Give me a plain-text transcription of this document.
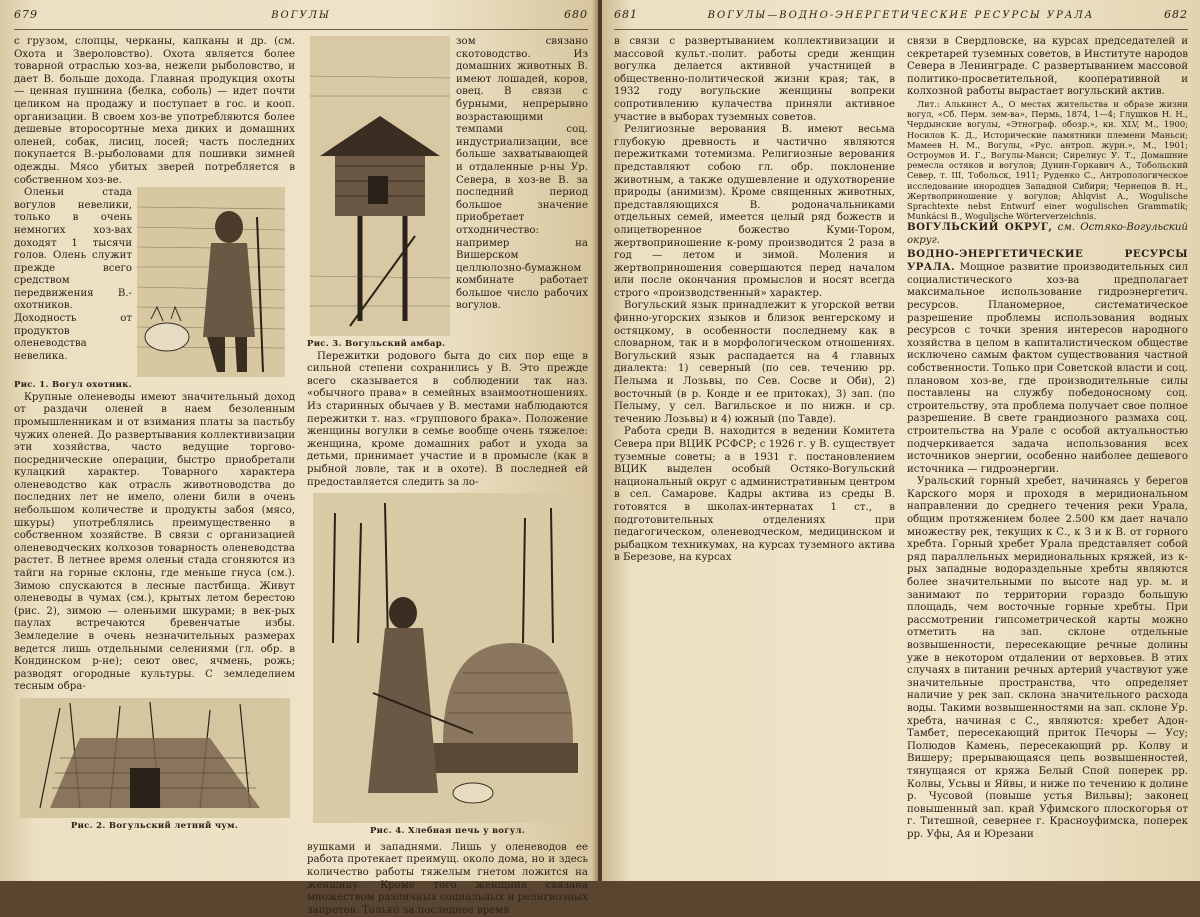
679	ВОГУЛЫ	680

с грузом, слопцы, черканы, капканы и др. (см. Охота и Звероловство). Охота является более товарной отраслью хоз-ва, нежели рыболовство, и дает В. больше дохода. Главная продукция охоты — ценная пушнина (белка, соболь) — идет почти целиком на продажу и поступает в гос. и кооп. организации. В своем хоз-ве употребляются более дешевые второсортные меха диких и домашних оленей, собак, лисиц, лосей; часть последних покупается В.-рыболовами для пошивки зимней одежды. Мясо убитых зверей потребляется в собственном хоз-ве.

Оленьи стада вогулов невелики, только в очень немногих хоз-вах доходят 1 тысячи голов. Олень служит прежде всего средством передвижения В.-охотников. Доходность от продуктов оленеводства невелика.

Рис. 1. Вогул охотник.

Крупные оленеводы имеют значительный доход от раздачи оленей в наем безоленным промышленникам и от взимания платы за пастьбу чужих оленей. До развертывания коллективизации эти хозяйства, часто ведущие торгово-посреднические операции, быстро приобретали кулацкий характер. Товарного характера оленеводство как отрасль животноводства до последних лет не имело, олени били в очень небольшом количестве и продукты забоя (мясо, шкуры) употреблялись преимущественно в собственном хозяйстве. В связи с организацией оленеводческих колхозов товарность оленеводства растет. В летнее время оленьи стада сгоняются из тайги на горные склоны, где меньше гнуса (см.). Зимою спускаются в лесные пастбища. Живут оленеводы в чумах (см.), крытых летом берестою (рис. 2), зимою — оленьими шкурами; в век-рых паулах встречаются бревенчатые избы. Земледелие в очень незначительных размерах ведется лишь отдельными селениями (гл. обр. в Кондинском р-не); сеют овес, ячмень, рожь; разводят огородные культуры. С земледелием тесным обра-

Рис. 2. Вогульский летний чум.

зом связано скотоводство. Из домашних животных В. имеют лошадей, коров, овец. В связи с бурными, непрерывно возрастающими темпами соц. индустриализации, все больше захватывающей и отдаленные р-ны Ур. Севера, в хоз-ве В. за последний период большое значение приобретает отходничество: например на Вишерском целлюлозно-бумажном комбинате работает большое число рабочих вогулов.

Рис. 3. Вогульский амбар.

Пережитки родового быта до сих пор еще в сильной степени сохранились у В. Это прежде всего сказывается в соблюдении так наз. «обычного права» в семейных взаимоотношениях. Из старинных обычаев у В. местами наблюдаются пережитки т. наз. «группового брака». Положение женщины вогулки в семье вообще очень тяжелое: женщина, кроме домашних работ и ухода за детьми, принимает участие и в промысле (как в рыбной ловле, так и в охоте). В последней ей предоставляется следить за ло-

Рис. 4. Хлебная печь у вогул.

вушками и западнями. Лишь у оленеводов ее работа протекает преимущ. около дома, но и здесь количество работы тяжелым гнетом ложится на женщину. Кроме того женщина связана множеством различных социальных и религиозных запретов. Только за последнее время

681	ВОГУЛЫ—ВОДНО-ЭНЕРГЕТИЧЕСКИЕ РЕСУРСЫ УРАЛА	682

в связи с развертыванием коллективизации и массовой культ.-полит. работы среди женщин вогулка делается активной участницей в общественно-политической жизни края; так, в 1932 году вогульские женщины вопреки сопротивлению кулачества приняли активное участие в выборах туземных советов.

Религиозные верования В. имеют весьма глубокую древность и частично являются пережитками тотемизма. Религиозные верования представляют собою гл. обр. поклонение животным, а также одушевление и одухотворение природы (анимизм). Кроме священных животных, представляющихся В. родоначальниками отдельных семей, имеется целый ряд божеств и олицетворенное божество Куми-Тором, жертвоприношение к-рому производится 2 раза в год — летом и зимой. Моления и жертвоприношения совершаются перед началом или после окончания промыслов и носят всегда строго «производственный» характер.

Вогульский язык принадлежит к угорской ветви финно-угорских языков и близок венгерскому и остяцкому, в особенности последнему как в словарном, так и в морфологическом отношениях. Вогульский язык распадается на 4 главных диалекта: 1) северный (по сев. течению рр. Пелыма и Лозьвы, по Сев. Сосве и Оби), 2) восточный (в р. Конде и ее притоках), 3) зап. (по Пелыму, у сел. Вагильское и по нижн. и ср. течению Лозьвы) и 4) южный (по Тавде).

Работа среди В. находится в ведении Комитета Севера при ВЦИК РСФСР; с 1926 г. у В. существует туземные советы; а в 1931 г. постановлением ВЦИК выделен особый Остяко-Вогульский национальный округ с административным центром в сел. Самарове. Кадры актива из среды В. готовятся в школах-интернатах 1 ст., в подготовительных отделениях при педагогическом, оленеводческом, медицинском и рыбацком техникумах, на курсах туземного актива в Березове, на курсах

связи в Свердловске, на курсах председателей и секретарей туземных советов, в Институте народов Севера в Ленинграде. С развертыванием массовой политико-просветительной, кооперативной и колхозной работы вырастает вогульский актив.

Лит.: Алькинст А., О местах жительства и образе жизни вогул, «Сб. Перм. зем-ва», Пермь, 1874, 1—4; Глушков Н. Н., Чердынские вогулы, «Этнограф. обозр.», кн. XLV, М., 1900; Носилов К. Д., Исторические памятники племени Маньси; Мамеев Н. М., Вогулы, «Рус. антроп. журн.», М., 1901; Остроумов И. Г., Вогулы-Манси; Сирелиус У. Т., Домашние ремесла остяков и вогулов; Дунин-Горкавич А., Тобольский Север, т. III, Тобольск, 1911; Руденко С., Антропологическое исследование инородцев Западной Сибири; Чернецов В. Н., Жертвоприношение у вогулов; Ahlqvist A., Wogulische Sprachtexte nebst Entwurf einer wogulischen Grammatik; Munkácsi B., Wogulische Wörterverzeichnis.

ВОГУЛЬСКИЙ ОКРУГ, см. Остяко-Вогульский округ.

ВОДНО-ЭНЕРГЕТИЧЕСКИЕ РЕСУРСЫ УРАЛА. Мощное развитие производительных сил социалистического хоз-ва предполагает максимальное использование гидроэнергетич. ресурсов. Планомерное, систематическое разрешение проблемы использования водных ресурсов с точки зрения интересов народного хозяйства в целом в капиталистическом обществе исключено самым фактом существования частной собственности. Только при Советской власти и соц. плановом хоз-ве, где производительные силы поставлены на службу победоносному соц. строительству, эта проблема получает свое полное разрешение. В свете грандиозного размаха соц. строительства на Урале с особой актуальностью подчеркивается задача использования всех источников энергии, особенно наиболее дешевого источника — гидроэнергии.

Уральский горный хребет, начинаясь у берегов Карского моря и проходя в меридиональном направлении до среднего течения реки Урала, общим протяжением более 2.500 км дает начало множеству рек, текущих к С., к З и к В. от горного хребта. Горный хребет Урала представляет собой ряд параллельных меридиональных кряжей, из к-рых западные водораздельные хребты являются более значительными по высоте над ур. м. и занимают по территории гораздо большую площадь, чем восточные горные хребты. При рассмотрении гипсометрической карты можно отметить на зап. склоне отдельные возвышенности, пересекающие речные долины уже в некотором отдалении от верховьев. В этих случаях в питании речных артерий участвуют уже значительные пространства, что определяет наличие у рек зап. склона значительного расхода воды. Такими возвышенностями на зап. склоне Ур. хребта, начиная с С., являются: хребет Адон-Тамбет, пересекающий приток Печоры — Усу; Полюдов Камень, пересекающий рр. Колву и Вишеру; прерывающаяся цепь возвышенностей, тянущаяся от кряжа Белый Спой поперек рр. Колвы, Усьвы и Яйвы, и ниже по течению к долине р. Чусовой (повыше устья Вильвы); законец повышенный зап. край Уфимского плоскогорья от г. Титешной, севернее г. Красноуфимска, поперек рр. Уфы, Ая и Юрезани
